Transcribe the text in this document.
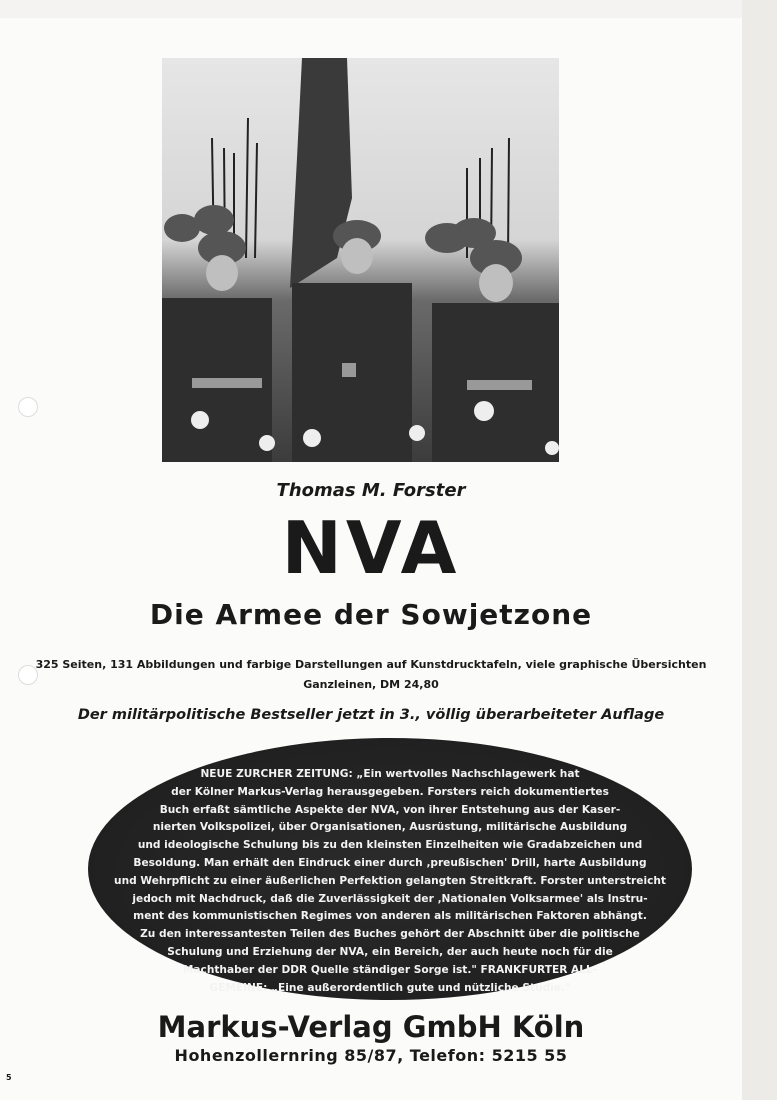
Thomas M. Forster
NVA
Die Armee der Sowjetzone
325 Seiten, 131 Abbildungen und farbige Darstellungen auf Kunstdrucktafeln, viele graphische Übersichten
Ganzleinen, DM 24,80
Der militärpolitische Bestseller jetzt in 3., völlig überarbeiteter Auflage
NEUE ZURCHER ZEITUNG: „Ein wertvolles Nachschlagewerk hat
der Kölner Markus-Verlag herausgegeben. Forsters reich dokumentiertes
Buch erfaßt sämtliche Aspekte der NVA, von ihrer Entstehung aus der Kaser-
nierten Volkspolizei, über Organisationen, Ausrüstung, militärische Ausbildung
und ideologische Schulung bis zu den kleinsten Einzelheiten wie Gradabzeichen und
Besoldung. Man erhält den Eindruck einer durch ‚preußischen' Drill, harte Ausbildung
und Wehrpflicht zu einer äußerlichen Perfektion gelangten Streitkraft. Forster unterstreicht
jedoch mit Nachdruck, daß die Zuverlässigkeit der ‚Nationalen Volksarmee' als Instru-
ment des kommunistischen Regimes von anderen als militärischen Faktoren abhängt.
Zu den interessantesten Teilen des Buches gehört der Abschnitt über die politische
Schulung und Erziehung der NVA, ein Bereich, der auch heute noch für die
Machthaber der DDR Quelle ständiger Sorge ist." FRANKFURTER ALL-
GEMEINE: „Eine außerordentlich gute und nützliche Studie."
Markus-Verlag GmbH Köln
Hohenzollernring 85/87, Telefon: 5215 55
5
